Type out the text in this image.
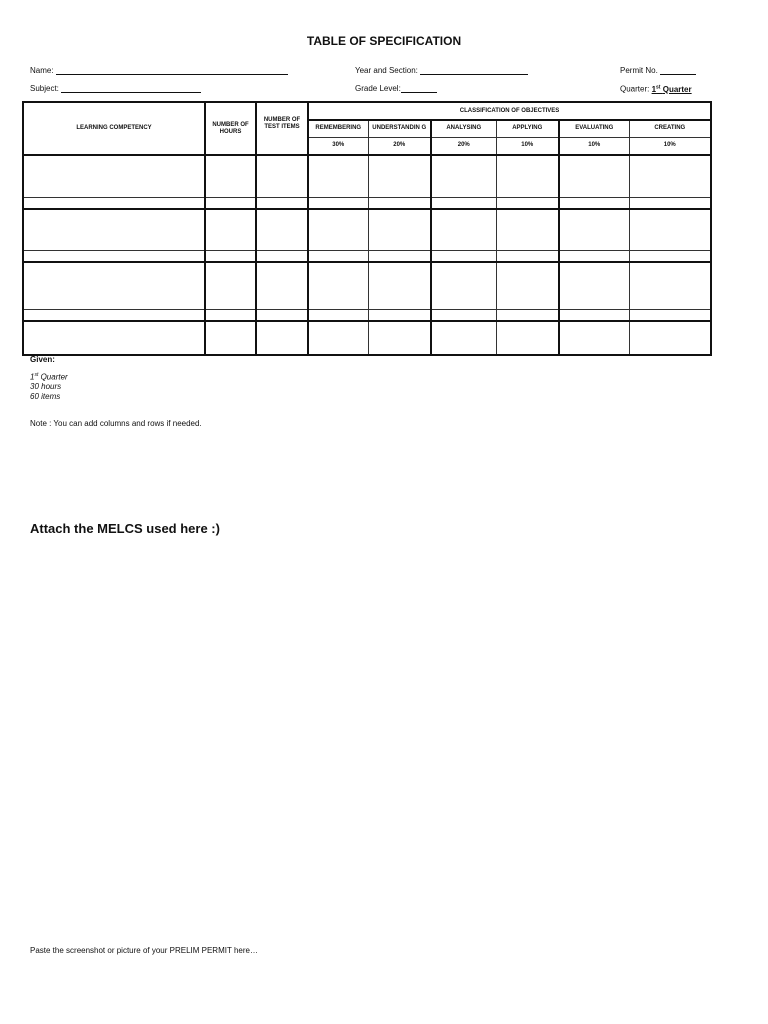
TABLE OF SPECIFICATION
Name:	Year and Section:	Permit No.
Subject:	Grade Level:	Quarter: 1st Quarter
LEARNING COMPETENCY	NUMBER OF HOURS	NUMBER OF TEST ITEMS	CLASSIFICATION OF OBJECTIVES					
			REMEMBERING	UNDERSTANDIN G	ANALYSING	APPLYING	EVALUATING	CREATING
			30%	20%	20%	10%	10%	10%

Given:
1st Quarter
30 hours
60 items
Note : You can add columns and rows if needed.
Attach the MELCS used here :)
Paste the screenshot or picture of your PRELIM PERMIT here…
